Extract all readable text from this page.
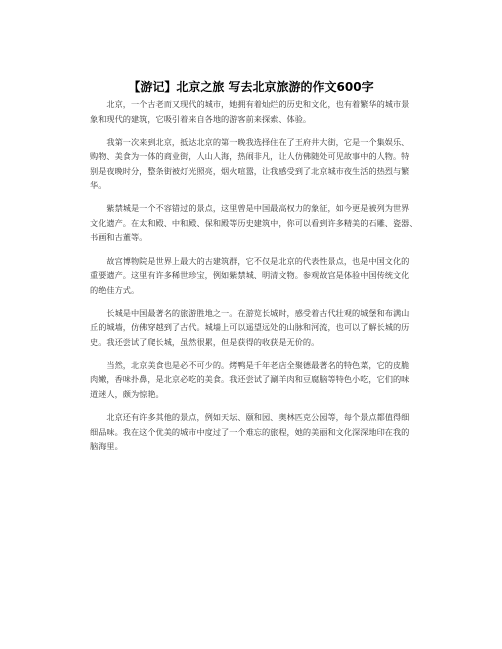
【游记】北京之旅 写去北京旅游的作文600字

北京，一个古老而又现代的城市，她拥有着灿烂的历史和文化，也有着繁华的城市景
象和现代的建筑，它吸引着来自各地的游客前来探索、体验。

我第一次来到北京，抵达北京的第一晚我选择住在了王府井大街，它是一个集娱乐、
购物、美食为一体的商业街，人山人海，热闹非凡，让人仿佛随处可见故事中的人物。特
别是夜晚时分，整条街被灯光照亮，烟火喧嚣，让我感受到了北京城市夜生活的热烈与繁
华。

紫禁城是一个不容错过的景点，这里曾是中国最高权力的象征，如今更是被列为世界
文化遗产。在太和殿、中和殿、保和殿等历史建筑中，你可以看到许多精美的石雕、瓷器、
书画和古董等。

故宫博物院是世界上最大的古建筑群，它不仅是北京的代表性景点，也是中国文化的
重要遗产。这里有许多稀世珍宝，例如紫禁城、明清文物。参观故宫是体验中国传统文化
的绝佳方式。

长城是中国最著名的旅游胜地之一。在游览长城时，感受着古代壮观的城堡和布满山
丘的城墙，仿佛穿越到了古代。城墙上可以遥望远处的山脉和河流，也可以了解长城的历
史。我还尝试了爬长城，虽然很累，但是获得的收获是无价的。

当然，北京美食也是必不可少的。烤鸭是千年老店全聚德最著名的特色菜，它的皮脆
肉嫩，香味扑鼻，是北京必吃的美食。我还尝试了涮羊肉和豆腐脑等特色小吃，它们的味
道迷人，颇为惊艳。

北京还有许多其他的景点，例如天坛、颐和园、奥林匹克公园等，每个景点都值得细
细品味。我在这个优美的城市中度过了一个难忘的旅程，她的美丽和文化深深地印在我的
脑海里。
